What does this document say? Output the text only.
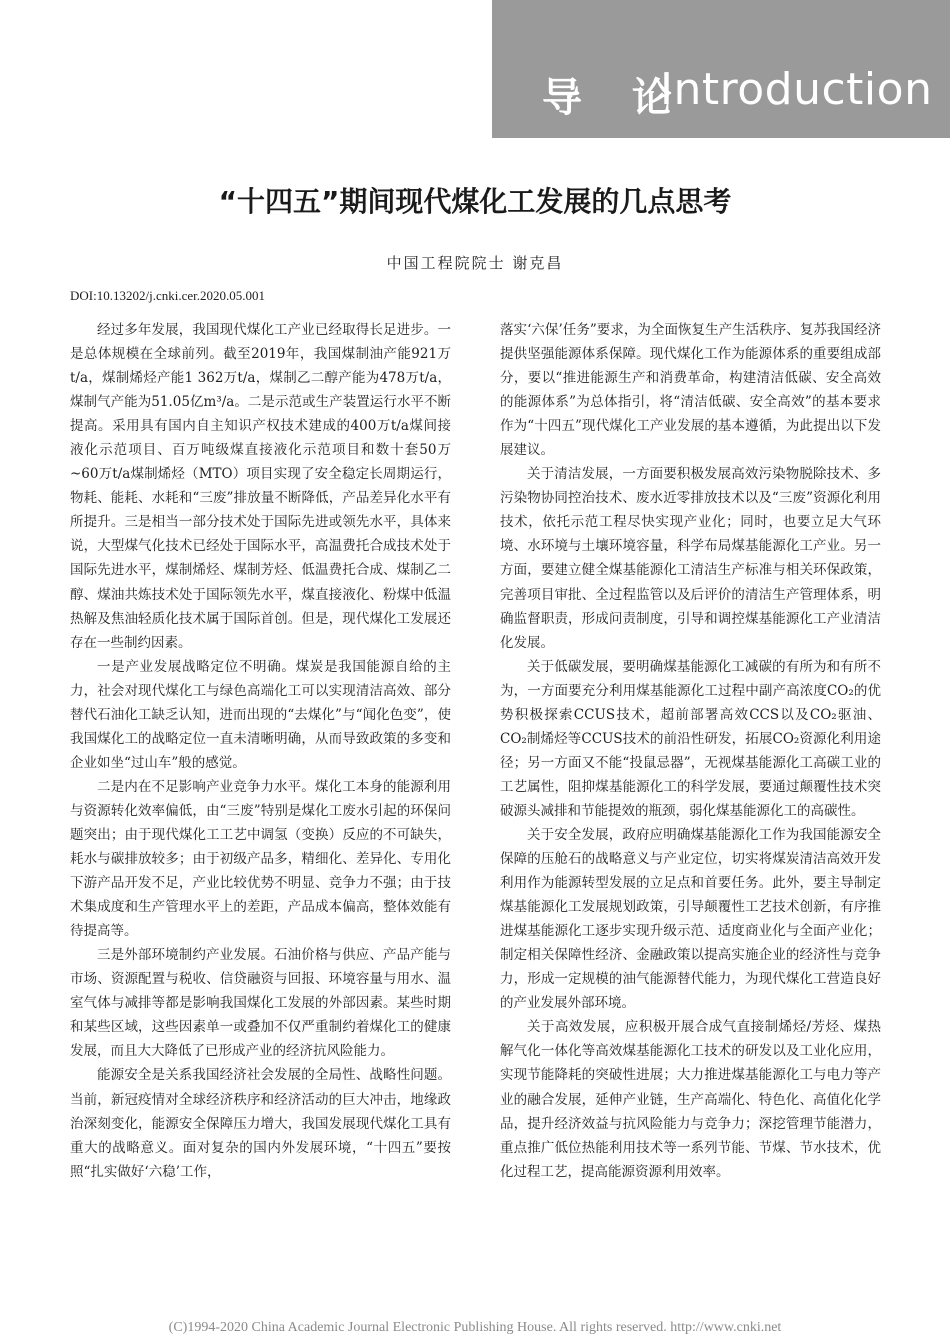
导 论
Introduction
“十四五”期间现代煤化工发展的几点思考
中国工程院院士 谢克昌
DOI:10.13202/j.cnki.cer.2020.05.001

经过多年发展，我国现代煤化工产业已经取得长足进步。一是总体规模在全球前列。截至2019年，我国煤制油产能921万t/a，煤制烯烃产能1 362万t/a，煤制乙二醇产能为478万t/a，煤制气产能为51.05亿m³/a。二是示范或生产装置运行水平不断提高。采用具有国内自主知识产权技术建成的400万t/a煤间接液化示范项目、百万吨级煤直接液化示范项目和数十套50万~60万t/a煤制烯烃（MTO）项目实现了安全稳定长周期运行，物耗、能耗、水耗和“三废”排放量不断降低，产品差异化水平有所提升。三是相当一部分技术处于国际先进或领先水平，具体来说，大型煤气化技术已经处于国际水平，高温费托合成技术处于国际先进水平，煤制烯烃、煤制芳烃、低温费托合成、煤制乙二醇、煤油共炼技术处于国际领先水平，煤直接液化、粉煤中低温热解及焦油轻质化技术属于国际首创。但是，现代煤化工发展还存在一些制约因素。

一是产业发展战略定位不明确。煤炭是我国能源自给的主力，社会对现代煤化工与绿色高端化工可以实现清洁高效、部分替代石油化工缺乏认知，进而出现的“去煤化”与“闻化色变”，使我国煤化工的战略定位一直未清晰明确，从而导致政策的多变和企业如坐“过山车”般的感觉。

二是内在不足影响产业竞争力水平。煤化工本身的能源利用与资源转化效率偏低，由“三废”特别是煤化工废水引起的环保问题突出；由于现代煤化工工艺中调氢（变换）反应的不可缺失，耗水与碳排放较多；由于初级产品多，精细化、差异化、专用化下游产品开发不足，产业比较优势不明显、竞争力不强；由于技术集成度和生产管理水平上的差距，产品成本偏高，整体效能有待提高等。

三是外部环境制约产业发展。石油价格与供应、产品产能与市场、资源配置与税收、信贷融资与回报、环境容量与用水、温室气体与减排等都是影响我国煤化工发展的外部因素。某些时期和某些区域，这些因素单一或叠加不仅严重制约着煤化工的健康发展，而且大大降低了已形成产业的经济抗风险能力。

能源安全是关系我国经济社会发展的全局性、战略性问题。当前，新冠疫情对全球经济秩序和经济活动的巨大冲击，地缘政治深刻变化，能源安全保障压力增大，我国发展现代煤化工具有重大的战略意义。面对复杂的国内外发展环境，“十四五”要按照“扎实做好‘六稳’工作，

落实‘六保’任务”要求，为全面恢复生产生活秩序、复苏我国经济提供坚强能源体系保障。现代煤化工作为能源体系的重要组成部分，要以“推进能源生产和消费革命，构建清洁低碳、安全高效的能源体系”为总体指引，将“清洁低碳、安全高效”的基本要求作为“十四五”现代煤化工产业发展的基本遵循，为此提出以下发展建议。

关于清洁发展，一方面要积极发展高效污染物脱除技术、多污染物协同控治技术、废水近零排放技术以及“三废”资源化利用技术，依托示范工程尽快实现产业化；同时，也要立足大气环境、水环境与土壤环境容量，科学布局煤基能源化工产业。另一方面，要建立健全煤基能源化工清洁生产标准与相关环保政策，完善项目审批、全过程监管以及后评价的清洁生产管理体系，明确监督职责，形成问责制度，引导和调控煤基能源化工产业清洁化发展。

关于低碳发展，要明确煤基能源化工减碳的有所为和有所不为，一方面要充分利用煤基能源化工过程中副产高浓度CO₂的优势积极探索CCUS技术，超前部署高效CCS以及CO₂驱油、CO₂制烯烃等CCUS技术的前沿性研发，拓展CO₂资源化利用途径；另一方面又不能“投鼠忌器”，无视煤基能源化工高碳工业的工艺属性，阻抑煤基能源化工的科学发展，要通过颠覆性技术突破源头减排和节能提效的瓶颈，弱化煤基能源化工的高碳性。

关于安全发展，政府应明确煤基能源化工作为我国能源安全保障的压舱石的战略意义与产业定位，切实将煤炭清洁高效开发利用作为能源转型发展的立足点和首要任务。此外，要主导制定煤基能源化工发展规划政策，引导颠覆性工艺技术创新，有序推进煤基能源化工逐步实现升级示范、适度商业化与全面产业化；制定相关保障性经济、金融政策以提高实施企业的经济性与竞争力，形成一定规模的油气能源替代能力，为现代煤化工营造良好的产业发展外部环境。

关于高效发展，应积极开展合成气直接制烯烃/芳烃、煤热解气化一体化等高效煤基能源化工技术的研发以及工业化应用，实现节能降耗的突破性进展；大力推进煤基能源化工与电力等产业的融合发展，延伸产业链，生产高端化、特色化、高值化化学品，提升经济效益与抗风险能力与竞争力；深挖管理节能潜力，重点推广低位热能利用技术等一系列节能、节煤、节水技术，优化过程工艺，提高能源资源利用效率。

(C)1994-2020 China Academic Journal Electronic Publishing House. All rights reserved. http://www.cnki.net
